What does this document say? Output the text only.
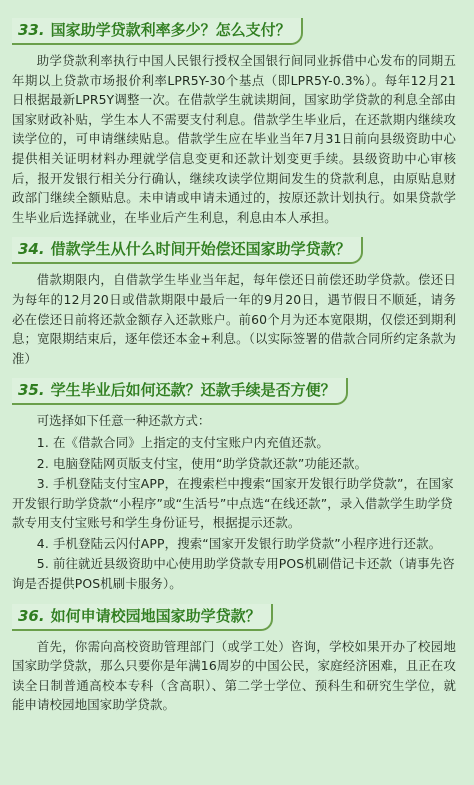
33. 国家助学贷款利率多少？怎么支付？

助学贷款利率执行中国人民银行授权全国银行间同业拆借中心发布的同期五年期以上贷款市场报价利率LPR5Y-30个基点（即LPR5Y-0.3%）。每年12月21日根据最新LPR5Y调整一次。在借款学生就读期间，国家助学贷款的利息全部由国家财政补贴，学生本人不需要支付利息。借款学生毕业后，在还款期内继续攻读学位的，可申请继续贴息。借款学生应在毕业当年7月31日前向县级资助中心提供相关证明材料办理就学信息变更和还款计划变更手续。县级资助中心审核后，报开发银行相关分行确认，继续攻读学位期间发生的贷款利息，由原贴息财政部门继续全额贴息。未申请或申请未通过的，按原还款计划执行。如果贷款学生毕业后选择就业，在毕业后产生利息，利息由本人承担。

34. 借款学生从什么时间开始偿还国家助学贷款？

借款期限内，自借款学生毕业当年起，每年偿还日前偿还助学贷款。偿还日为每年的12月20日或借款期限中最后一年的9月20日，遇节假日不顺延，请务必在偿还日前将还款金额存入还款账户。前60个月为还本宽限期，仅偿还到期利息；宽限期结束后，逐年偿还本金+利息。（以实际签署的借款合同所约定条款为准）

35. 学生毕业后如何还款？还款手续是否方便？

可选择如下任意一种还款方式：

1. 在《借款合同》上指定的支付宝账户内充值还款。

2. 电脑登陆网页版支付宝，使用“助学贷款还款”功能还款。

3. 手机登陆支付宝APP，在搜索栏中搜索“国家开发银行助学贷款”，在国家开发银行助学贷款“小程序”或“生活号”中点选“在线还款”，录入借款学生助学贷款专用支付宝账号和学生身份证号，根据提示还款。

4. 手机登陆云闪付APP，搜索“国家开发银行助学贷款”小程序进行还款。

5. 前往就近县级资助中心使用助学贷款专用POS机刷借记卡还款（请事先咨询是否提供POS机刷卡服务）。

36. 如何申请校园地国家助学贷款？

首先，你需向高校资助管理部门（或学工处）咨询，学校如果开办了校园地国家助学贷款，那么只要你是年满16周岁的中国公民，家庭经济困难，且正在攻读全日制普通高校本专科（含高职）、第二学士学位、预科生和研究生学位，就能申请校园地国家助学贷款。
